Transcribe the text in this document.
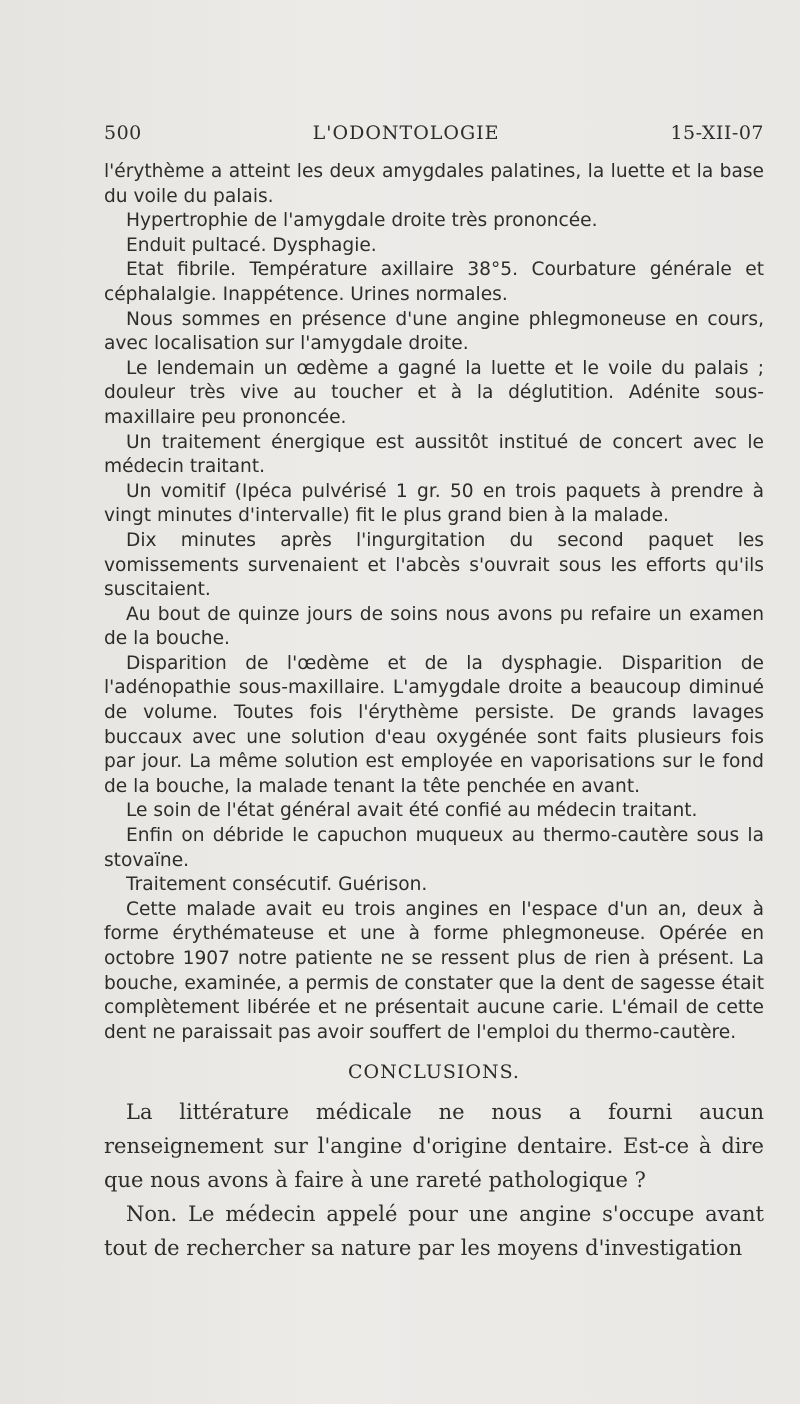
500	L'ODONTOLOGIE	15-XII-07

l'érythème a atteint les deux amygdales palatines, la luette et la base du voile du palais.

Hypertrophie de l'amygdale droite très prononcée.

Enduit pultacé. Dysphagie.

Etat fibrile. Température axillaire 38°5. Courbature générale et céphalalgie. Inappétence. Urines normales.

Nous sommes en présence d'une angine phlegmoneuse en cours, avec localisation sur l'amygdale droite.

Le lendemain un œdème a gagné la luette et le voile du palais ; douleur très vive au toucher et à la déglutition. Adénite sous-maxillaire peu prononcée.

Un traitement énergique est aussitôt institué de concert avec le médecin traitant.

Un vomitif (Ipéca pulvérisé 1 gr. 50 en trois paquets à prendre à vingt minutes d'intervalle) fit le plus grand bien à la malade.

Dix minutes après l'ingurgitation du second paquet les vomissements survenaient et l'abcès s'ouvrait sous les efforts qu'ils suscitaient.

Au bout de quinze jours de soins nous avons pu refaire un examen de la bouche.

Disparition de l'œdème et de la dysphagie. Disparition de l'adénopathie sous-maxillaire. L'amygdale droite a beaucoup diminué de volume. Toutes fois l'érythème persiste. De grands lavages buccaux avec une solution d'eau oxygénée sont faits plusieurs fois par jour. La même solution est employée en vaporisations sur le fond de la bouche, la malade tenant la tête penchée en avant.

Le soin de l'état général avait été confié au médecin traitant.

Enfin on débride le capuchon muqueux au thermo-cautère sous la stovaïne.

Traitement consécutif. Guérison.

Cette malade avait eu trois angines en l'espace d'un an, deux à forme érythémateuse et une à forme phlegmoneuse. Opérée en octobre 1907 notre patiente ne se ressent plus de rien à présent. La bouche, examinée, a permis de constater que la dent de sagesse était complètement libérée et ne présentait aucune carie. L'émail de cette dent ne paraissait pas avoir souffert de l'emploi du thermo-cautère.

CONCLUSIONS.

La littérature médicale ne nous a fourni aucun renseignement sur l'angine d'origine dentaire. Est-ce à dire que nous avons à faire à une rareté pathologique ?

Non. Le médecin appelé pour une angine s'occupe avant tout de rechercher sa nature par les moyens d'investigation
